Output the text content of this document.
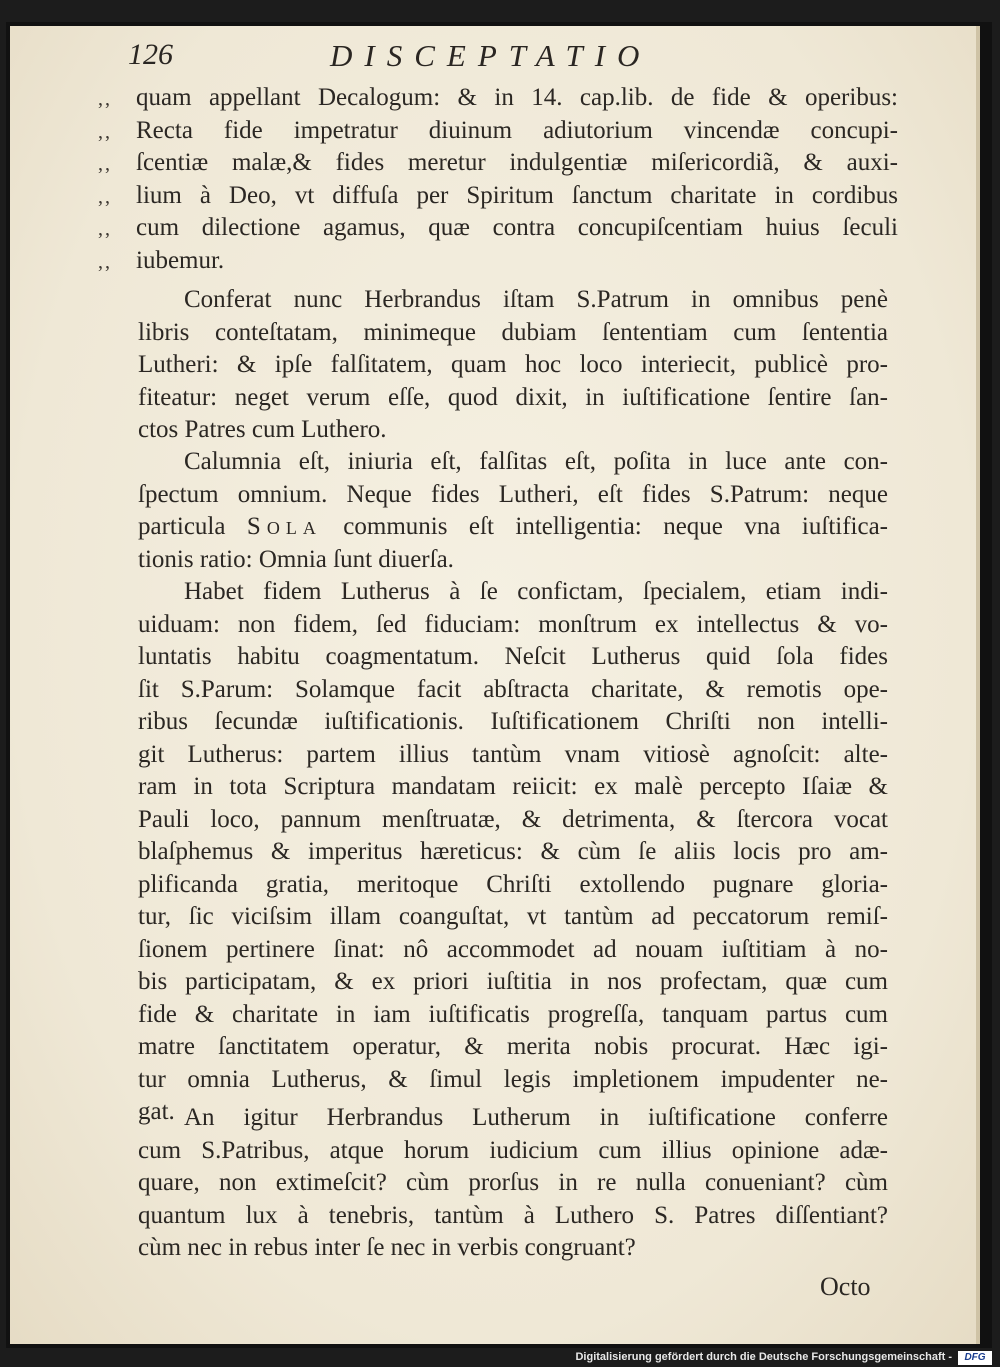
126	DISCEPTATIO
,, quam appellant Decalogum: & in 14. cap.lib. de fide & operibus:
,, Recta fide impetratur diuinum adiutorium vincendæ concupi-
,, ſcentiæ malæ,& fides meretur indulgentiæ miſericordiã, & auxi-
,, lium à Deo, vt diffuſa per Spiritum ſanctum charitate in cordibus
,, cum dilectione agamus, quæ contra concupiſcentiam huius ſeculi
,, iubemur.
Conferat nunc Herbrandus iſtam S.Patrum in omnibus penè
libris conteſtatam, minimeque dubiam ſententiam cum ſententia
Lutheri: & ipſe falſitatem, quam hoc loco interiecit, publicè pro-
fiteatur: neget verum eſſe, quod dixit, in iuſtificatione ſentire ſan-
ctos Patres cum Luthero.
Calumnia eſt, iniuria eſt, falſitas eſt, poſita in luce ante con-
ſpectum omnium. Neque fides Lutheri, eſt fides S.Patrum: neque
particula Sola communis eſt intelligentia: neque vna iuſtifica-
tionis ratio: Omnia ſunt diuerſa.
Habet fidem Lutherus à ſe confictam, ſpecialem, etiam indi-
uiduam: non fidem, ſed fiduciam: monſtrum ex intellectus & vo-
luntatis habitu coagmentatum. Neſcit Lutherus quid ſola fides
ſit S.Parum: Solamque facit abſtracta charitate, & remotis ope-
ribus ſecundæ iuſtificationis. Iuſtificationem Chriſti non intelli-
git Lutherus: partem illius tantùm vnam vitiosè agnoſcit: alte-
ram in tota Scriptura mandatam reiicit: ex malè percepto Iſaiæ &
Pauli loco, pannum menſtruatæ, & detrimenta, & ſtercora vocat
blaſphemus & imperitus hæreticus: & cùm ſe aliis locis pro am-
plificanda gratia, meritoque Chriſti extollendo pugnare gloria-
tur, ſic viciſsim illam coanguſtat, vt tantùm ad peccatorum remiſ-
ſionem pertinere ſinat: nô accommodet ad nouam iuſtitiam à no-
bis participatam, & ex priori iuſtitia in nos profectam, quæ cum
fide & charitate in iam iuſtificatis progreſſa, tanquam partus cum
matre ſanctitatem operatur, & merita nobis procurat. Hæc igi-
tur omnia Lutherus, & ſimul legis impletionem impudenter ne-
gat. An igitur Herbrandus Lutherum in iuſtificatione conferre
cum S.Patribus, atque horum iudicium cum illius opinione adæ-
quare, non extimeſcit? cùm prorſus in re nulla conueniant? cùm
quantum lux à tenebris, tantùm à Luthero S. Patres diſſentiant?
cùm nec in rebus inter ſe nec in verbis congruant?
Octo
Digitalisierung gefördert durch die Deutsche Forschungsgemeinschaft -	DFG
